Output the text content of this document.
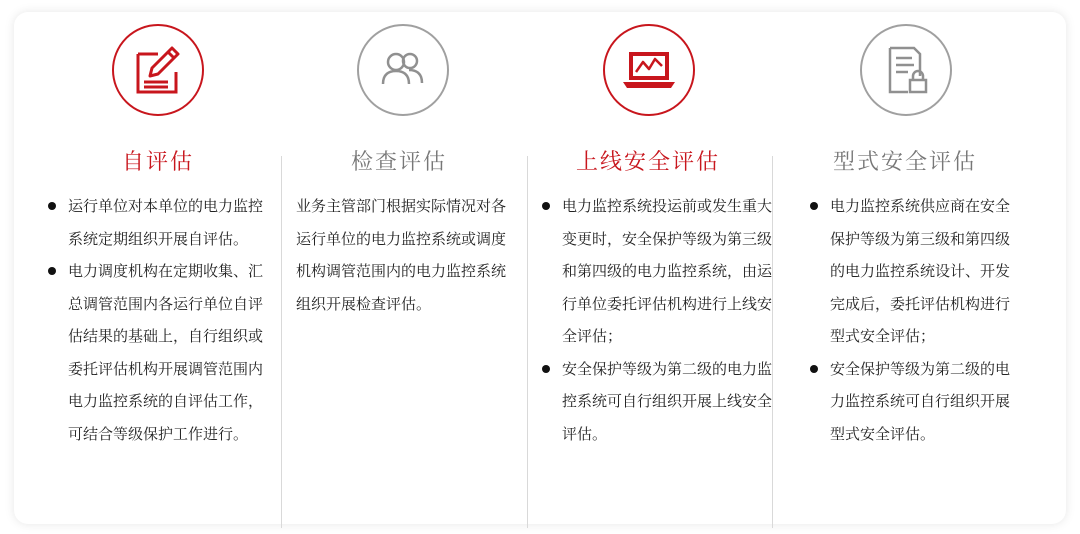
自评估
运行单位对本单位的电力监控系统定期组织开展自评估。
电力调度机构在定期收集、汇总调管范围内各运行单位自评估结果的基础上，自行组织或委托评估机构开展调管范围内电力监控系统的自评估工作，可结合等级保护工作进行。
检查评估

业务主管部门根据实际情况对各运行单位的电力监控系统或调度机构调管范围内的电力监控系统组织开展检查评估。

上线安全评估
电力监控系统投运前或发生重大变更时，安全保护等级为第三级和第四级的电力监控系统，由运行单位委托评估机构进行上线安全评估；
安全保护等级为第二级的电力监控系统可自行组织开展上线安全评估。
型式安全评估
电力监控系统供应商在安全保护等级为第三级和第四级的电力监控系统设计、开发完成后，委托评估机构进行型式安全评估；
安全保护等级为第二级的电力监控系统可自行组织开展型式安全评估。
